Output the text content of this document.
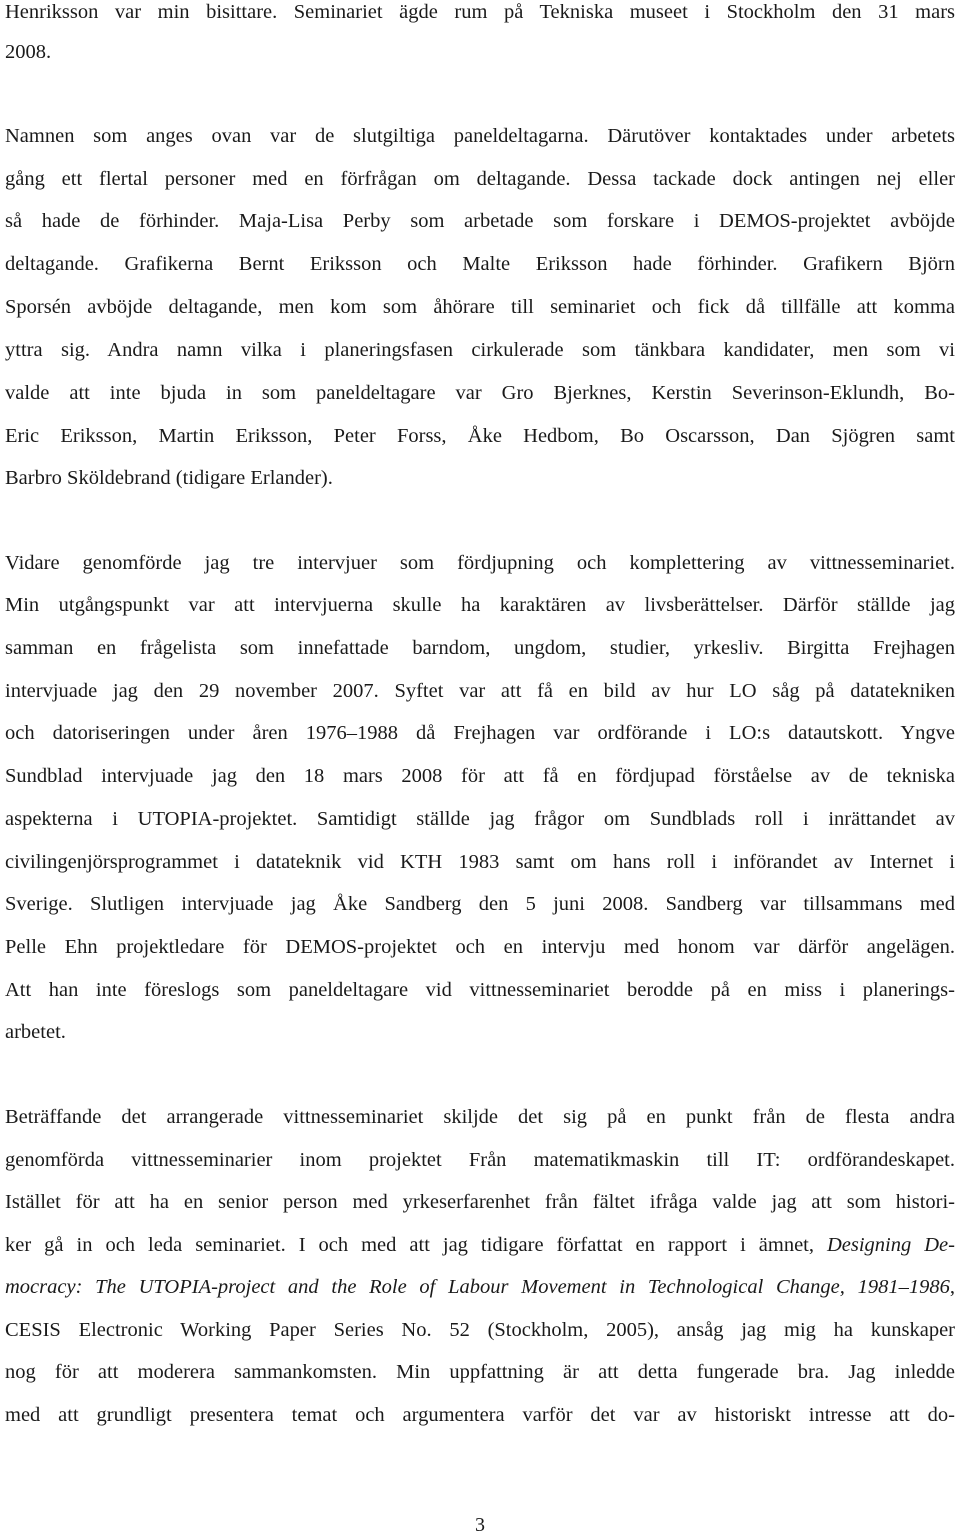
Henriksson var min bisittare. Seminariet ägde rum på Tekniska museet i Stockholm den 31 mars
2008.
Namnen som anges ovan var de slutgiltiga paneldeltagarna. Därutöver kontaktades under arbetets
gång ett flertal personer med en förfrågan om deltagande. Dessa tackade dock antingen nej eller
så hade de förhinder. Maja-Lisa Perby som arbetade som forskare i DEMOS-projektet avböjde
deltagande. Grafikerna Bernt Eriksson och Malte Eriksson hade förhinder. Grafikern Björn
Sporsén avböjde deltagande, men kom som åhörare till seminariet och fick då tillfälle att komma
yttra sig. Andra namn vilka i planeringsfasen cirkulerade som tänkbara kandidater, men som vi
valde att inte bjuda in som paneldeltagare var Gro Bjerknes, Kerstin Severinson-Eklundh, Bo-
Eric Eriksson, Martin Eriksson, Peter Forss, Åke Hedbom, Bo Oscarsson, Dan Sjögren samt
Barbro Sköldebrand (tidigare Erlander).
Vidare genomförde jag tre intervjuer som fördjupning och komplettering av vittnesseminariet.
Min utgångspunkt var att intervjuerna skulle ha karaktären av livsberättelser. Därför ställde jag
samman en frågelista som innefattade barndom, ungdom, studier, yrkesliv. Birgitta Frejhagen
intervjuade jag den 29 november 2007. Syftet var att få en bild av hur LO såg på datatekniken
och datoriseringen under åren 1976–1988 då Frejhagen var ordförande i LO:s datautskott. Yngve
Sundblad intervjuade jag den 18 mars 2008 för att få en fördjupad förståelse av de tekniska
aspekterna i UTOPIA-projektet. Samtidigt ställde jag frågor om Sundblads roll i inrättandet av
civilingenjörsprogrammet i datateknik vid KTH 1983 samt om hans roll i införandet av Internet i
Sverige. Slutligen intervjuade jag Åke Sandberg den 5 juni 2008. Sandberg var tillsammans med
Pelle Ehn projektledare för DEMOS-projektet och en intervju med honom var därför angelägen.
Att han inte föreslogs som paneldeltagare vid vittnesseminariet berodde på en miss i planerings-
arbetet.
Beträffande det arrangerade vittnesseminariet skiljde det sig på en punkt från de flesta andra
genomförda vittnesseminarier inom projektet Från matematikmaskin till IT: ordförandeskapet.
Istället för att ha en senior person med yrkeserfarenhet från fältet ifråga valde jag att som histori-
ker gå in och leda seminariet. I och med att jag tidigare författat en rapport i ämnet, Designing De-
mocracy: The UTOPIA-project and the Role of Labour Movement in Technological Change, 1981–1986,
CESIS Electronic Working Paper Series No. 52 (Stockholm, 2005), ansåg jag mig ha kunskaper
nog för att moderera sammankomsten. Min uppfattning är att detta fungerade bra. Jag inledde
med att grundligt presentera temat och argumentera varför det var av historiskt intresse att do-
3
